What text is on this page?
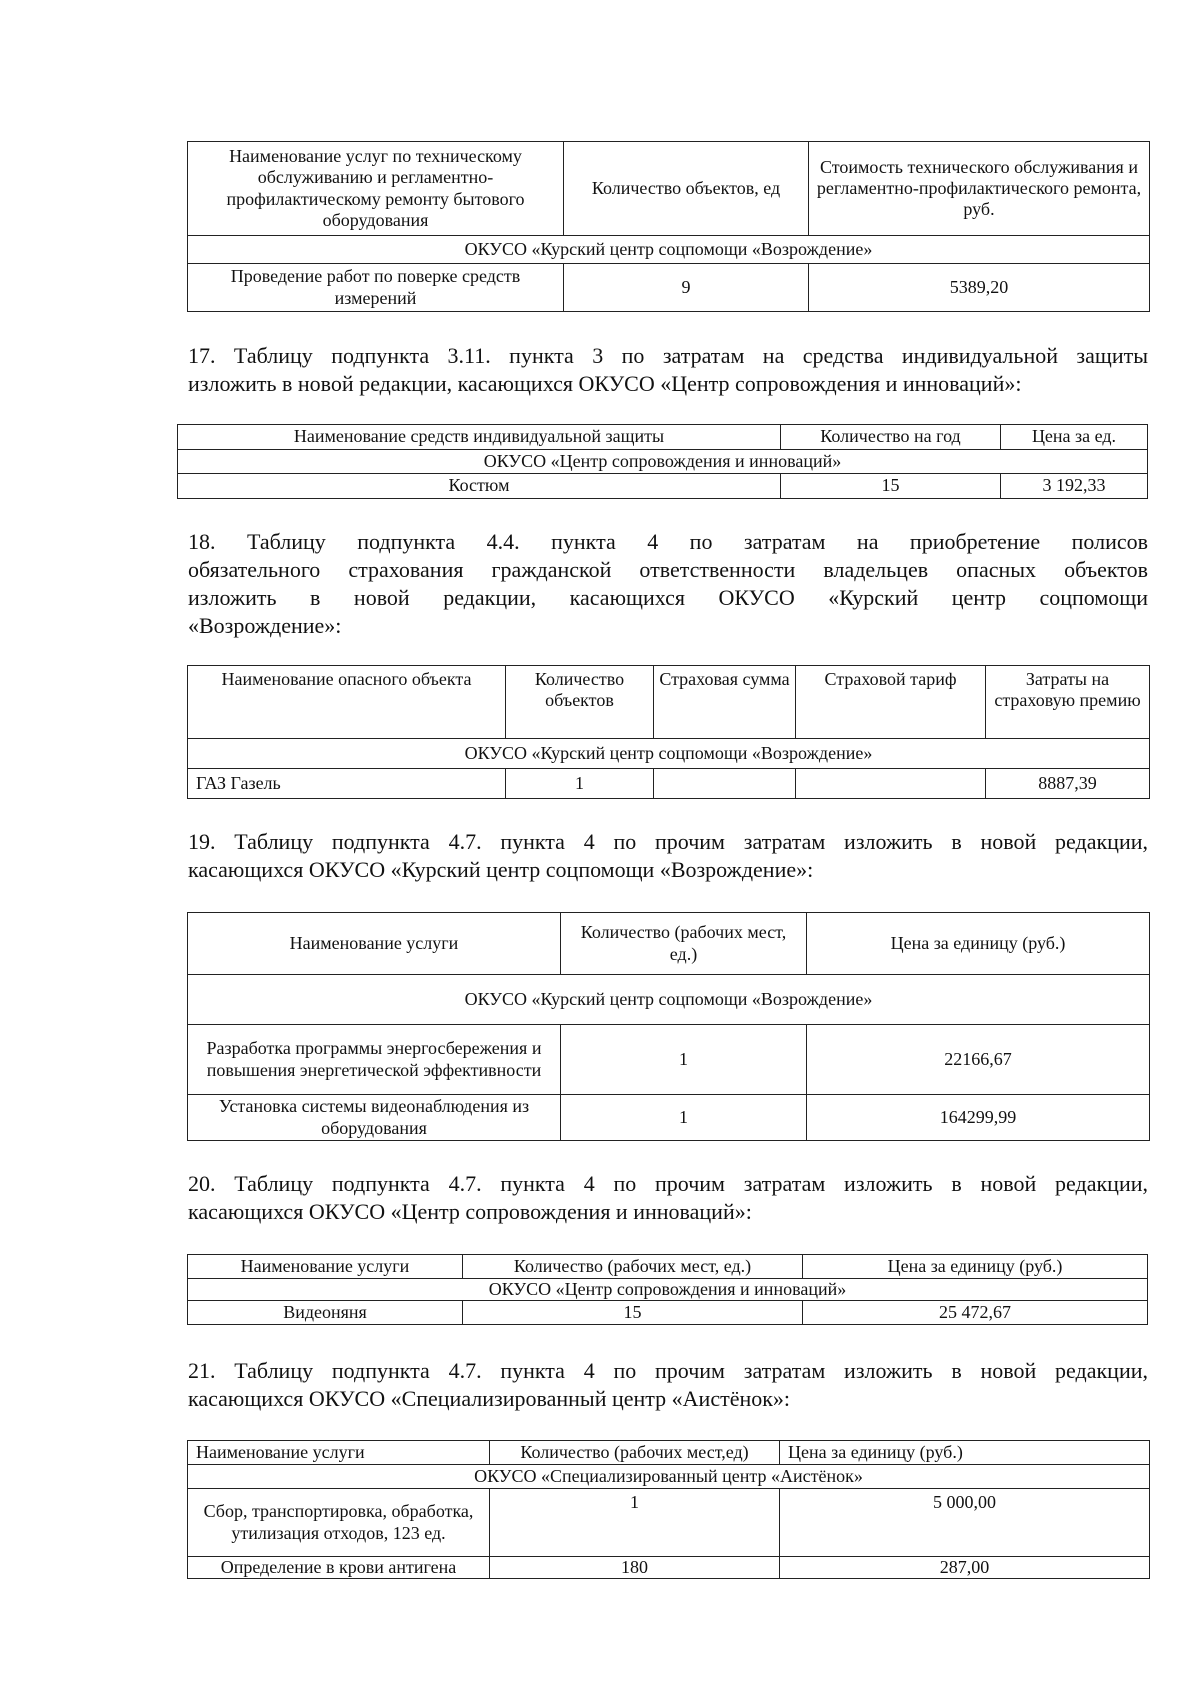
Наименование услуг по техническому обслуживанию и регламентно-профилактическому ремонту бытового оборудования	Количество объектов, ед	Стоимость технического обслуживания и регламентно-профилактического ремонта, руб.
ОКУСО «Курский центр соцпомощи «Возрождение»		
Проведение работ по поверке средств измерений	9	5389,20
17. Таблицу подпункта 3.11. пункта 3 по затратам на средства индивидуальной защиты
изложить в новой редакции, касающихся ОКУСО «Центр сопровождения и инноваций»:
Наименование средств индивидуальной защиты	Количество на год	Цена за ед.
ОКУСО «Центр сопровождения и инноваций»		
Костюм	15	3 192,33
18. Таблицу подпункта 4.4. пункта 4 по затратам на приобретение полисов
обязательного страхования гражданской ответственности владельцев опасных объектов
изложить в новой редакции, касающихся ОКУСО «Курский центр соцпомощи
«Возрождение»:
Наименование опасного объекта	Количество объектов	Страховая сумма	Страховой тариф	Затраты на страховую премию
ОКУСО «Курский центр соцпомощи «Возрождение»				
ГАЗ Газель	1			8887,39
19. Таблицу подпункта 4.7. пункта 4 по прочим затратам изложить в новой редакции,
касающихся ОКУСО «Курский центр соцпомощи «Возрождение»:
Наименование услуги	Количество (рабочих мест, ед.)	Цена за единицу (руб.)
ОКУСО «Курский центр соцпомощи «Возрождение»		
Разработка программы энергосбережения и повышения энергетической эффективности	1	22166,67
Установка системы видеонаблюдения из оборудования	1	164299,99
20. Таблицу подпункта 4.7. пункта 4 по прочим затратам изложить в новой редакции,
касающихся ОКУСО «Центр сопровождения и инноваций»:
Наименование услуги	Количество (рабочих мест, ед.)	Цена за единицу (руб.)
ОКУСО «Центр сопровождения и инноваций»		
Видеоняня	15	25 472,67
21. Таблицу подпункта 4.7. пункта 4 по прочим затратам изложить в новой редакции,
касающихся ОКУСО «Специализированный центр «Аистёнок»:
Наименование услуги	Количество (рабочих мест,ед)	Цена за единицу (руб.)
ОКУСО «Специализированный центр «Аистёнок»		
Сбор, транспортировка, обработка, утилизация отходов, 123 ед.	1	5 000,00
Определение в крови антигена	180	287,00
